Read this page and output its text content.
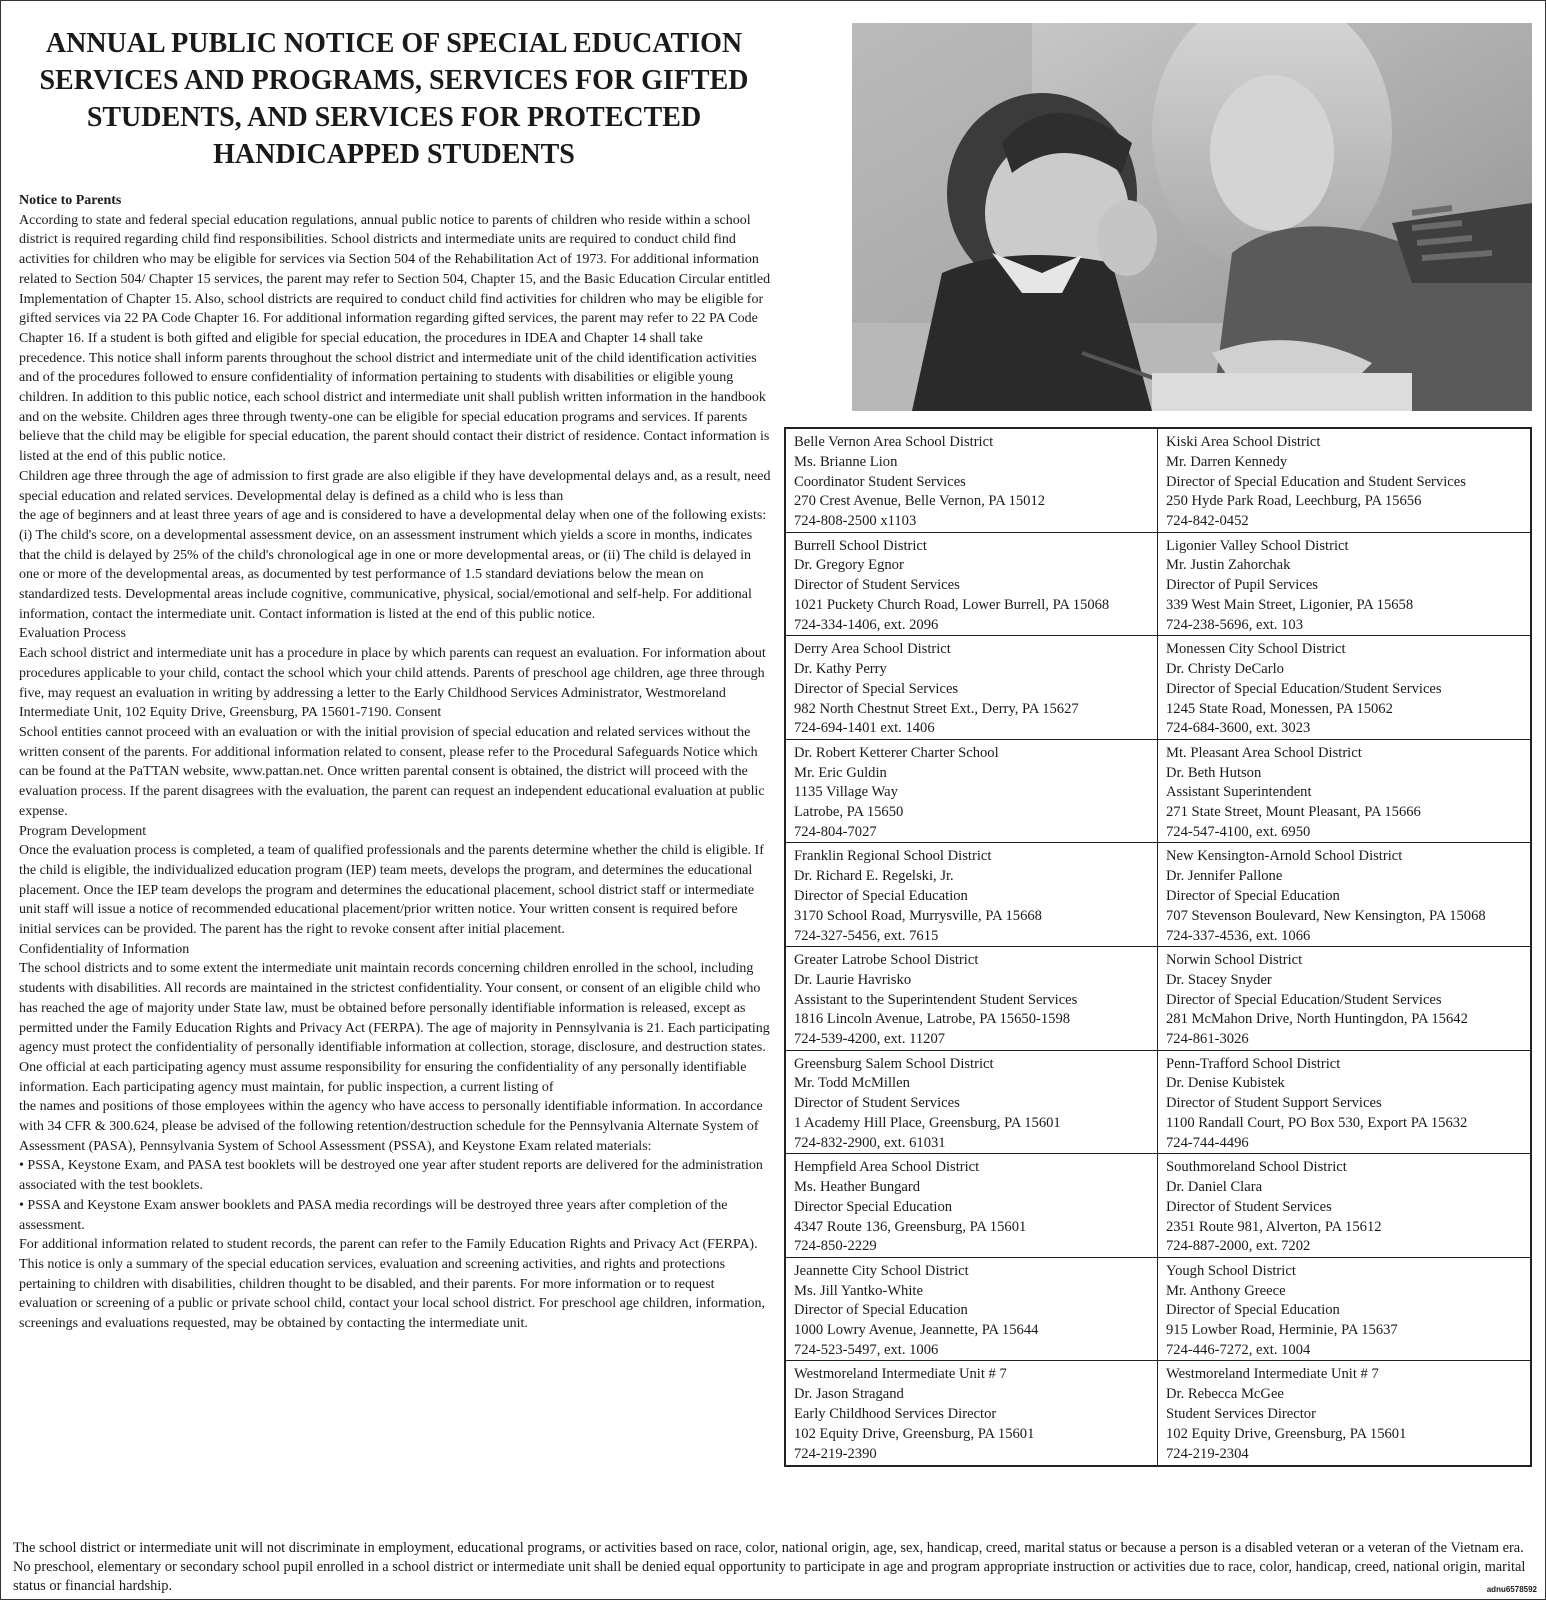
ANNUAL PUBLIC NOTICE OF SPECIAL EDUCATION SERVICES AND PROGRAMS, SERVICES FOR GIFTED STUDENTS, AND SERVICES FOR PROTECTED HANDICAPPED STUDENTS

Notice to Parents

According to state and federal special education regulations, annual public notice to parents of children who reside within a school district is required regarding child find responsibilities. School districts and intermediate units are required to conduct child find activities for children who may be eligible for services via Section 504 of the Rehabilitation Act of 1973. For additional information related to Section 504/ Chapter 15 services, the parent may refer to Section 504, Chapter 15, and the Basic Education Circular entitled Implementation of Chapter 15. Also, school districts are required to conduct child find activities for children who may be eligible for gifted services via 22 PA Code Chapter 16. For additional information regarding gifted services, the parent may refer to 22 PA Code Chapter 16. If a student is both gifted and eligible for special education, the procedures in IDEA and Chapter 14 shall take precedence. This notice shall inform parents throughout the school district and intermediate unit of the child identification activities and of the procedures followed to ensure confidentiality of information pertaining to students with disabilities or eligible young children. In addition to this public notice, each school district and intermediate unit shall publish written information in the handbook and on the website. Children ages three through twenty-one can be eligible for special education programs and services. If parents believe that the child may be eligible for special education, the parent should contact their district of residence. Contact information is listed at the end of this public notice.

Children age three through the age of admission to first grade are also eligible if they have developmental delays and, as a result, need special education and related services. Developmental delay is defined as a child who is less than

the age of beginners and at least three years of age and is considered to have a developmental delay when one of the following exists: (i) The child's score, on a developmental assessment device, on an assessment instrument which yields a score in months, indicates that the child is delayed by 25% of the child's chronological age in one or more developmental areas, or (ii) The child is delayed in one or more of the developmental areas, as documented by test performance of 1.5 standard deviations below the mean on standardized tests. Developmental areas include cognitive, communicative, physical, social/emotional and self-help. For additional information, contact the intermediate unit. Contact information is listed at the end of this public notice.

Evaluation Process

Each school district and intermediate unit has a procedure in place by which parents can request an evaluation. For information about procedures applicable to your child, contact the school which your child attends. Parents of preschool age children, age three through five, may request an evaluation in writing by addressing a letter to the Early Childhood Services Administrator, Westmoreland Intermediate Unit, 102 Equity Drive, Greensburg, PA 15601-7190. Consent

School entities cannot proceed with an evaluation or with the initial provision of special education and related services without the written consent of the parents. For additional information related to consent, please refer to the Procedural Safeguards Notice which can be found at the PaTTAN website, www.pattan.net. Once written parental consent is obtained, the district will proceed with the evaluation process. If the parent disagrees with the evaluation, the parent can request an independent educational evaluation at public expense.

Program Development

Once the evaluation process is completed, a team of qualified professionals and the parents determine whether the child is eligible. If the child is eligible, the individualized education program (IEP) team meets, develops the program, and determines the educational placement. Once the IEP team develops the program and determines the educational placement, school district staff or intermediate unit staff will issue a notice of recommended educational placement/prior written notice. Your written consent is required before initial services can be provided. The parent has the right to revoke consent after initial placement.

Confidentiality of Information

The school districts and to some extent the intermediate unit maintain records concerning children enrolled in the school, including students with disabilities. All records are maintained in the strictest confidentiality. Your consent, or consent of an eligible child who has reached the age of majority under State law, must be obtained before personally identifiable information is released, except as permitted under the Family Education Rights and Privacy Act (FERPA). The age of majority in Pennsylvania is 21. Each participating agency must protect the confidentiality of personally identifiable information at collection, storage, disclosure, and destruction states. One official at each participating agency must assume responsibility for ensuring the confidentiality of any personally identifiable information. Each participating agency must maintain, for public inspection, a current listing of

the names and positions of those employees within the agency who have access to personally identifiable information. In accordance with 34 CFR & 300.624, please be advised of the following retention/destruction schedule for the Pennsylvania Alternate System of Assessment (PASA), Pennsylvania System of School Assessment (PSSA), and Keystone Exam related materials:

• PSSA, Keystone Exam, and PASA test booklets will be destroyed one year after student reports are delivered for the administration associated with the test booklets.

• PSSA and Keystone Exam answer booklets and PASA media recordings will be destroyed three years after completion of the assessment.

For additional information related to student records, the parent can refer to the Family Education Rights and Privacy Act (FERPA).

This notice is only a summary of the special education services, evaluation and screening activities, and rights and protections pertaining to children with disabilities, children thought to be disabled, and their parents. For more information or to request evaluation or screening of a public or private school child, contact your local school district. For preschool age children, information, screenings and evaluations requested, may be obtained by contacting the intermediate unit.

Belle Vernon Area School District
Ms. Brianne Lion
Coordinator Student Services
270 Crest Avenue, Belle Vernon, PA 15012
724-808-2500 x1103
Kiski Area School District
Mr. Darren Kennedy
Director of Special Education and Student Services
250 Hyde Park Road, Leechburg, PA 15656
724-842-0452
Burrell School District
Dr. Gregory Egnor
Director of Student Services
1021 Puckety Church Road, Lower Burrell, PA 15068
724-334-1406, ext. 2096
Ligonier Valley School District
Mr. Justin Zahorchak
Director of Pupil Services
339 West Main Street, Ligonier, PA 15658
724-238-5696, ext. 103
Derry Area School District
Dr. Kathy Perry
Director of Special Services
982 North Chestnut Street Ext., Derry, PA 15627
724-694-1401 ext. 1406
Monessen City School District
Dr. Christy DeCarlo
Director of Special Education/Student Services
1245 State Road, Monessen, PA 15062
724-684-3600, ext. 3023
Dr. Robert Ketterer Charter School
Mr. Eric Guldin
1135 Village Way
Latrobe, PA 15650
724-804-7027
Mt. Pleasant Area School District
Dr. Beth Hutson
Assistant Superintendent
271 State Street, Mount Pleasant, PA 15666
724-547-4100, ext. 6950
Franklin Regional School District
Dr. Richard E. Regelski, Jr.
Director of Special Education
3170 School Road, Murrysville, PA 15668
724-327-5456, ext. 7615
New Kensington-Arnold School District
Dr. Jennifer Pallone
Director of Special Education
707 Stevenson Boulevard, New Kensington, PA 15068
724-337-4536, ext. 1066
Greater Latrobe School District
Dr. Laurie Havrisko
Assistant to the Superintendent Student Services
1816 Lincoln Avenue, Latrobe, PA 15650-1598
724-539-4200, ext. 11207
Norwin School District
Dr. Stacey Snyder
Director of Special Education/Student Services
281 McMahon Drive, North Huntingdon, PA 15642
724-861-3026
Greensburg Salem School District
Mr. Todd McMillen
Director of Student Services
1 Academy Hill Place, Greensburg, PA 15601
724-832-2900, ext. 61031
Penn-Trafford School District
Dr. Denise Kubistek
Director of Student Support Services
1100 Randall Court, PO Box 530, Export PA 15632
724-744-4496
Hempfield Area School District
Ms. Heather Bungard
Director Special Education
4347 Route 136, Greensburg, PA 15601
724-850-2229
Southmoreland School District
Dr. Daniel Clara
Director of Student Services
2351 Route 981, Alverton, PA 15612
724-887-2000, ext. 7202
Jeannette City School District
Ms. Jill Yantko-White
Director of Special Education
1000 Lowry Avenue, Jeannette, PA 15644
724-523-5497, ext. 1006
Yough School District
Mr. Anthony Greece
Director of Special Education
915 Lowber Road, Herminie, PA 15637
724-446-7272, ext. 1004
Westmoreland Intermediate Unit # 7
Dr. Jason Stragand
Early Childhood Services Director
102 Equity Drive, Greensburg, PA 15601
724-219-2390
Westmoreland Intermediate Unit # 7
Dr. Rebecca McGee
Student Services Director
102 Equity Drive, Greensburg, PA 15601
724-219-2304

The school district or intermediate unit will not discriminate in employment, educational programs, or activities based on race, color, national origin, age, sex, handicap, creed, marital status or because a person is a disabled veteran or a veteran of the Vietnam era. No preschool, elementary or secondary school pupil enrolled in a school district or intermediate unit shall be denied equal opportunity to participate in age and program appropriate instruction or activities due to race, color, handicap, creed, national origin, marital status or financial hardship.	adnu6578592
